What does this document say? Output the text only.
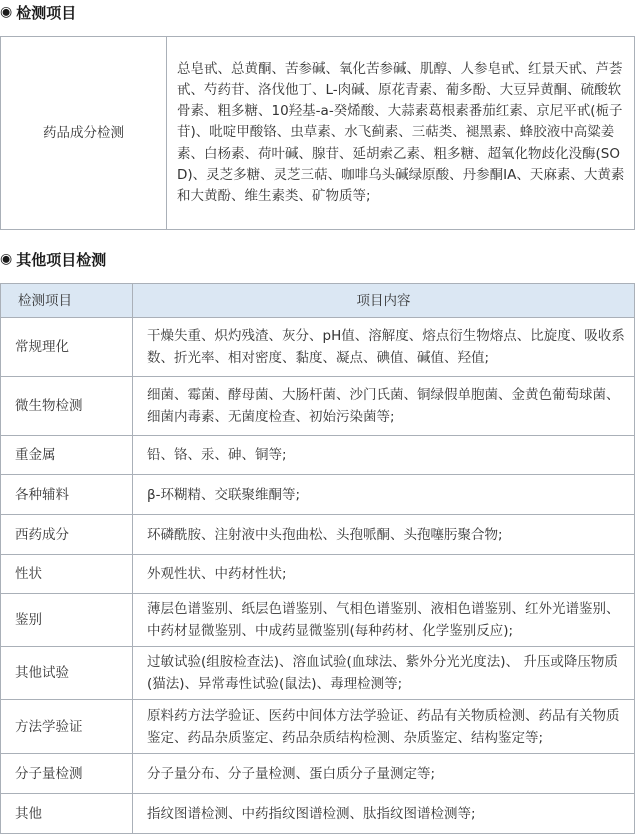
◉ 检测项目
药品成分检测	总皂甙、总黄酮、苦参碱、氧化苦参碱、肌醇、人参皂甙、红景天甙、芦荟甙、芍药苷、洛伐他丁、L-肉碱、原花青素、葡多酚、大豆异黄酮、硫酸软骨素、粗多糖、10羟基-a-癸烯酸、大蒜素葛根素番茄红素、京尼平甙(栀子苷)、吡啶甲酸铬、虫草素、水飞蓟素、三萜类、褪黑素、蜂胶液中高粱姜素、白杨素、荷叶碱、腺苷、延胡索乙素、粗多糖、超氧化物歧化没酶(SOD)、灵芝多糖、灵芝三萜、咖啡乌头碱绿原酸、丹参酮IA、天麻素、大黄素和大黄酚、维生素类、矿物质等;
◉ 其他项目检测
检测项目	项目内容
常规理化	干燥失重、炽灼残渣、灰分、pH值、溶解度、熔点衍生物熔点、比旋度、吸收系数、折光率、相对密度、黏度、凝点、碘值、碱值、羟值;
微生物检测	细菌、霉菌、酵母菌、大肠杆菌、沙门氏菌、铜绿假单胞菌、金黄色葡萄球菌、细菌内毒素、无菌度检查、初始污染菌等;
重金属	铅、铬、汞、砷、铜等;
各种辅料	β-环糊精、交联聚维酮等;
西药成分	环磷酰胺、注射液中头孢曲松、头孢哌酮、头孢噻肟聚合物;
性状	外观性状、中药材性状;
鉴别	薄层色谱鉴别、纸层色谱鉴别、气相色谱鉴别、液相色谱鉴别、红外光谱鉴别、中药材显微鉴别、中成药显微鉴别(每种药材、化学鉴别反应);
其他试验	过敏试验(组胺检查法)、溶血试验(血球法、紫外分光光度法)、 升压或降压物质(猫法)、异常毒性试验(鼠法)、毒理检测等;
方法学验证	原料药方法学验证、医药中间体方法学验证、药品有关物质检测、药品有关物质鉴定、药品杂质鉴定、药品杂质结构检测、杂质鉴定、结构鉴定等;
分子量检测	分子量分布、分子量检测、蛋白质分子量测定等;
其他	指纹图谱检测、中药指纹图谱检测、肽指纹图谱检测等;
